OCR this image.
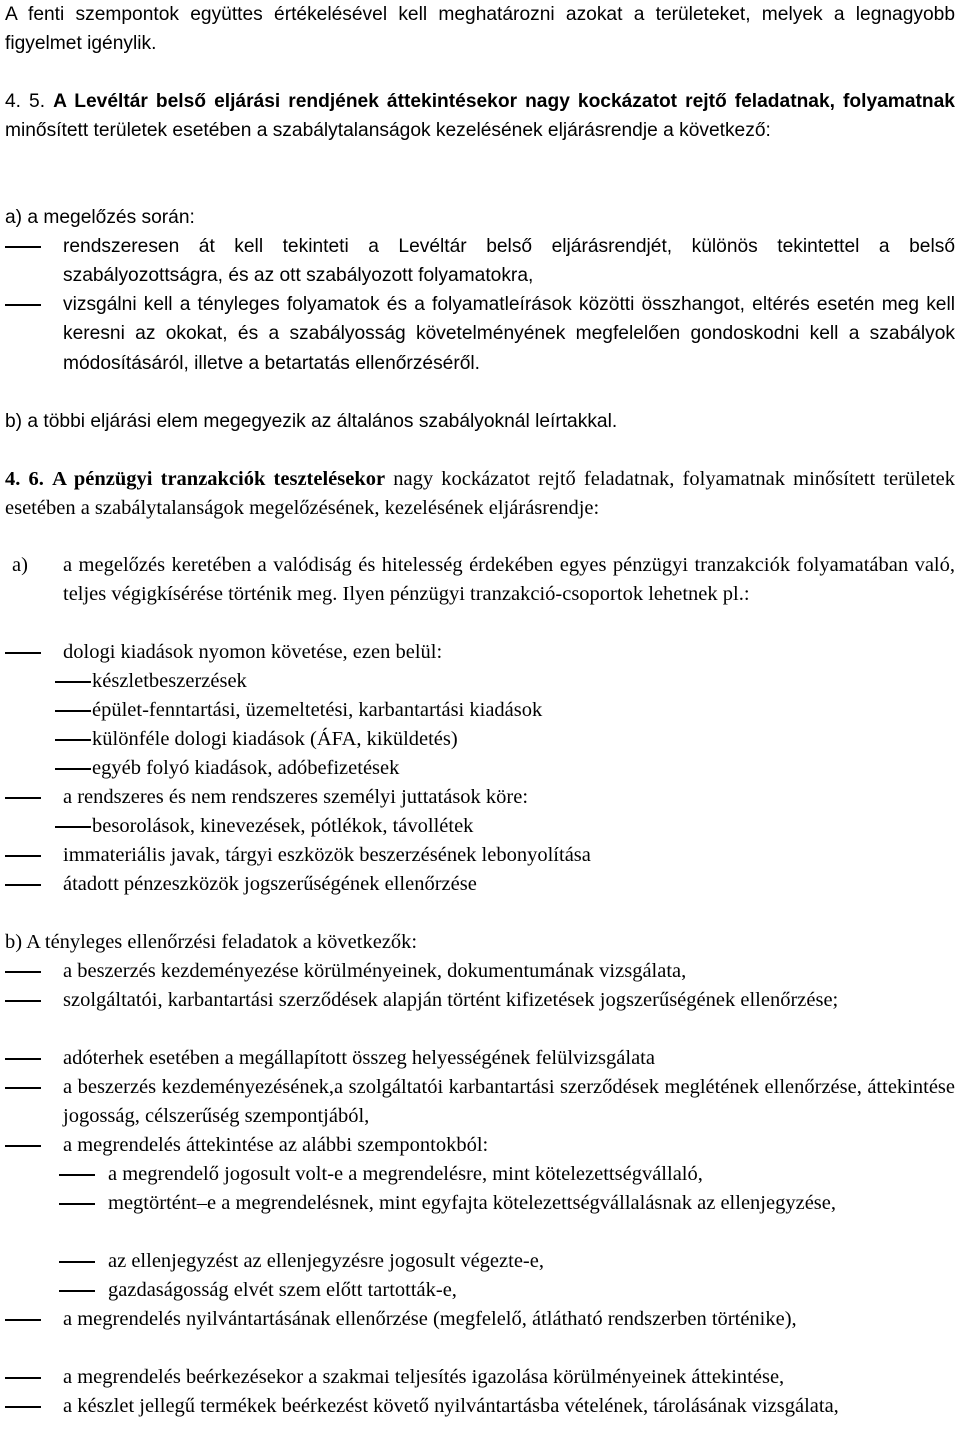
A fenti szempontok együttes értékelésével kell meghatározni azokat a területeket, melyek a legnagyobb figyelmet igénylik.

4. 5. A Levéltár belső eljárási rendjének áttekintésekor nagy kockázatot rejtő feladatnak, folyamatnak minősített területek esetében a szabálytalanságok kezelésének eljárásrendje a következő:

a) a megelőzés során:

rendszeresen át kell tekinteti a Levéltár belső eljárásrendjét, különös tekintettel a belső szabályozottságra, és az ott szabályozott folyamatokra,
vizsgálni kell a tényleges folyamatok és a folyamatleírások közötti összhangot, eltérés esetén meg kell keresni az okokat, és a szabályosság követelményének megfelelően gondoskodni kell a szabályok módosításáról, illetve a betartatás ellenőrzéséről.

b) a többi eljárási elem megegyezik az általános szabályoknál leírtakkal.

4. 6. A pénzügyi tranzakciók tesztelésekor nagy kockázatot rejtő feladatnak, folyamatnak minősített területek esetében a szabálytalanságok megelőzésének, kezelésének eljárásrendje:

a) a megelőzés keretében a valódiság és hitelesség érdekében egyes pénzügyi tranzakciók folyamatában való, teljes végigkísérése történik meg. Ilyen pénzügyi tranzakció-csoportok lehetnek pl.:
dologi kiadások nyomon követése, ezen belül:
készletbeszerzések
épület-fenntartási, üzemeltetési, karbantartási kiadások
különféle dologi kiadások (ÁFA, kiküldetés)
egyéb folyó kiadások, adóbefizetések
a rendszeres és nem rendszeres személyi juttatások köre:
besorolások, kinevezések, pótlékok, távollétek
immateriális javak, tárgyi eszközök beszerzésének lebonyolítása
átadott pénzeszközök jogszerűségének ellenőrzése

b) A tényleges ellenőrzési feladatok a következők:

a beszerzés kezdeményezése körülményeinek, dokumentumának vizsgálata,
szolgáltatói, karbantartási szerződések alapján történt kifizetések jogszerűségének ellenőrzése;
adóterhek esetében a megállapított összeg helyességének felülvizsgálata
a beszerzés kezdeményezésének,a szolgáltatói karbantartási szerződések meglétének ellenőrzése, áttekintése jogosság, célszerűség szempontjából,
a megrendelés áttekintése az alábbi szempontokból:
a megrendelő jogosult volt-e a megrendelésre, mint kötelezettségvállaló,
megtörtént–e a megrendelésnek, mint egyfajta kötelezettségvállalásnak az ellenjegyzése,
az ellenjegyzést az ellenjegyzésre jogosult végezte-e,
gazdaságosság elvét szem előtt tartották-e,
a megrendelés nyilvántartásának ellenőrzése (megfelelő, átlátható rendszerben történike),
a megrendelés beérkezésekor a szakmai teljesítés igazolása körülményeinek áttekintése,
a készlet jellegű termékek beérkezést követő nyilvántartásba vételének, tárolásának vizsgálata,
